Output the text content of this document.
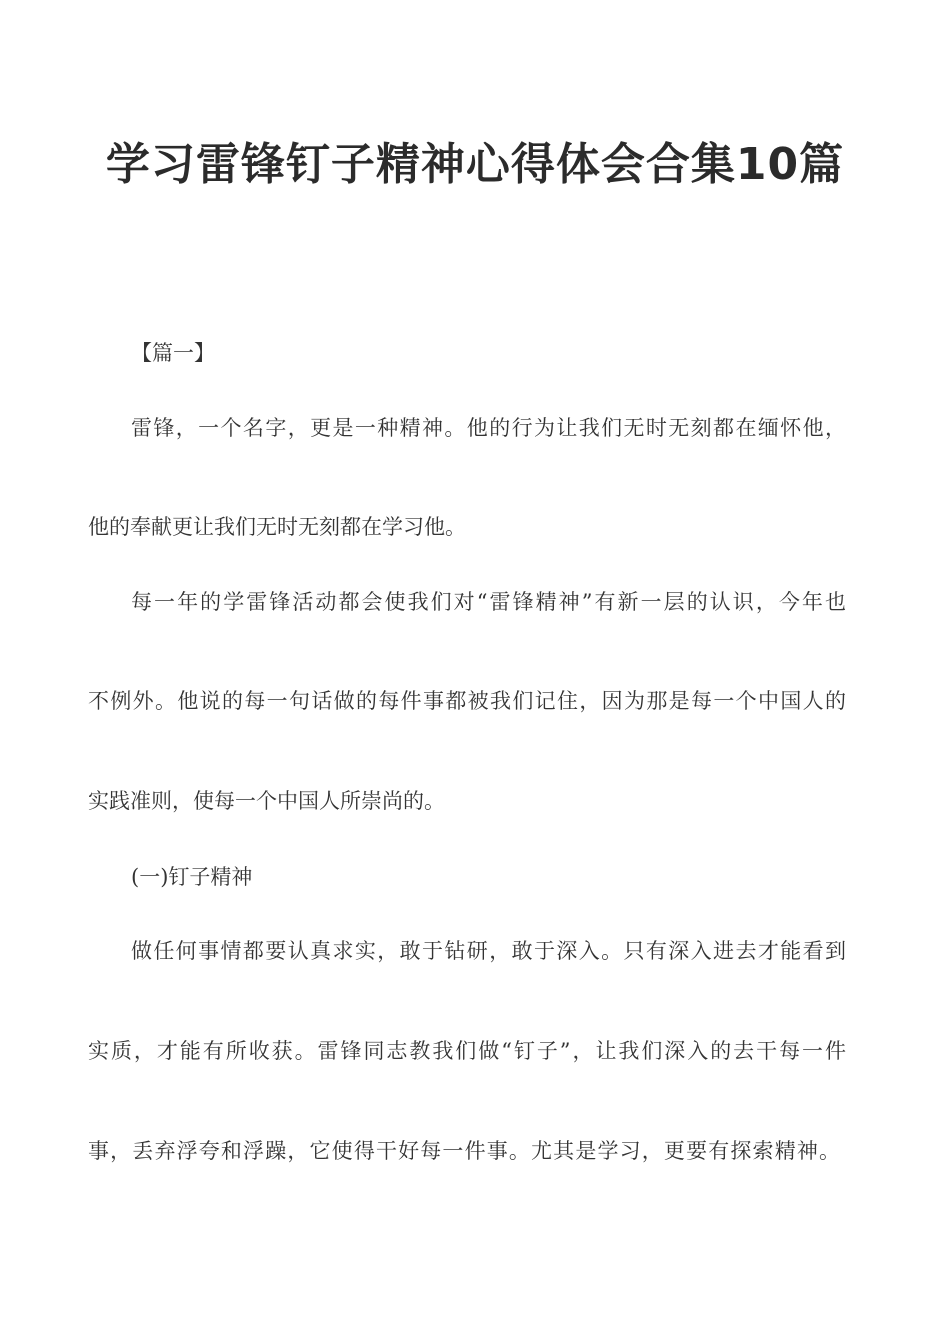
学习雷锋钉子精神心得体会合集10篇

【篇一】

雷锋，一个名字，更是一种精神。他的行为让我们无时无刻都在缅怀他，

他的奉献更让我们无时无刻都在学习他。

每一年的学雷锋活动都会使我们对“雷锋精神”有新一层的认识，今年也

不例外。他说的每一句话做的每件事都被我们记住，因为那是每一个中国人的

实践准则，使每一个中国人所崇尚的。

(一)钉子精神

做任何事情都要认真求实，敢于钻研，敢于深入。只有深入进去才能看到

实质，才能有所收获。雷锋同志教我们做“钉子”，让我们深入的去干每一件

事，丢弃浮夸和浮躁，它使得干好每一件事。尤其是学习，更要有探索精神。
